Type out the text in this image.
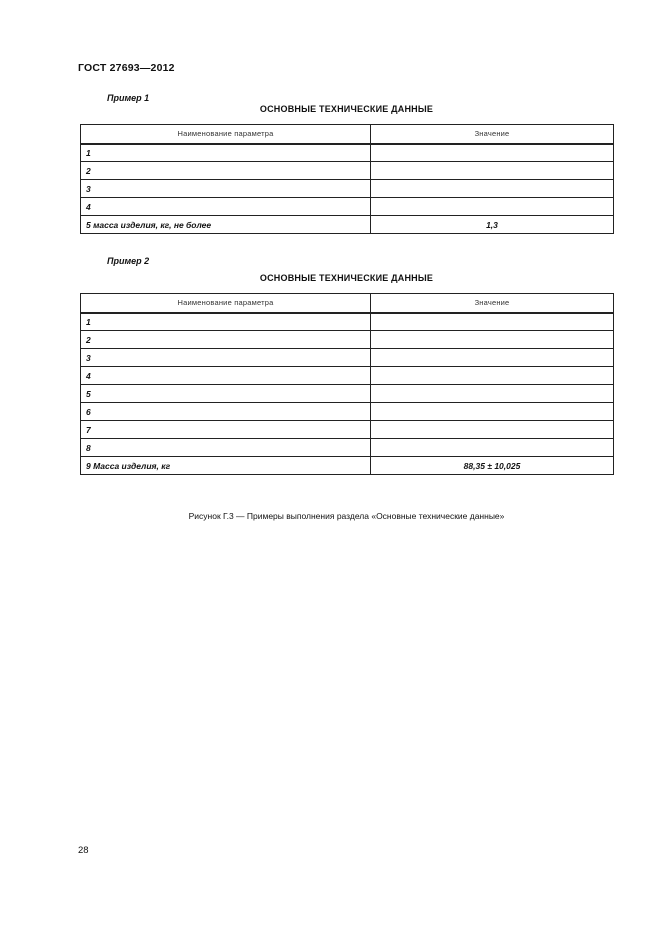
ГОСТ 27693—2012
Пример 1
ОСНОВНЫЕ ТЕХНИЧЕСКИЕ ДАННЫЕ
Наименование параметра	Значение
1	
2	
3	
4	
5 масса изделия, кг, не более	1,3
Пример 2
ОСНОВНЫЕ ТЕХНИЧЕСКИЕ ДАННЫЕ
Наименование параметра	Значение
1	
2	
3	
4	
5	
6	
7	
8	
9 Масса изделия, кг	88,35 ± 10,025
Рисунок Г.3 — Примеры выполнения раздела «Основные технические данные»
28
